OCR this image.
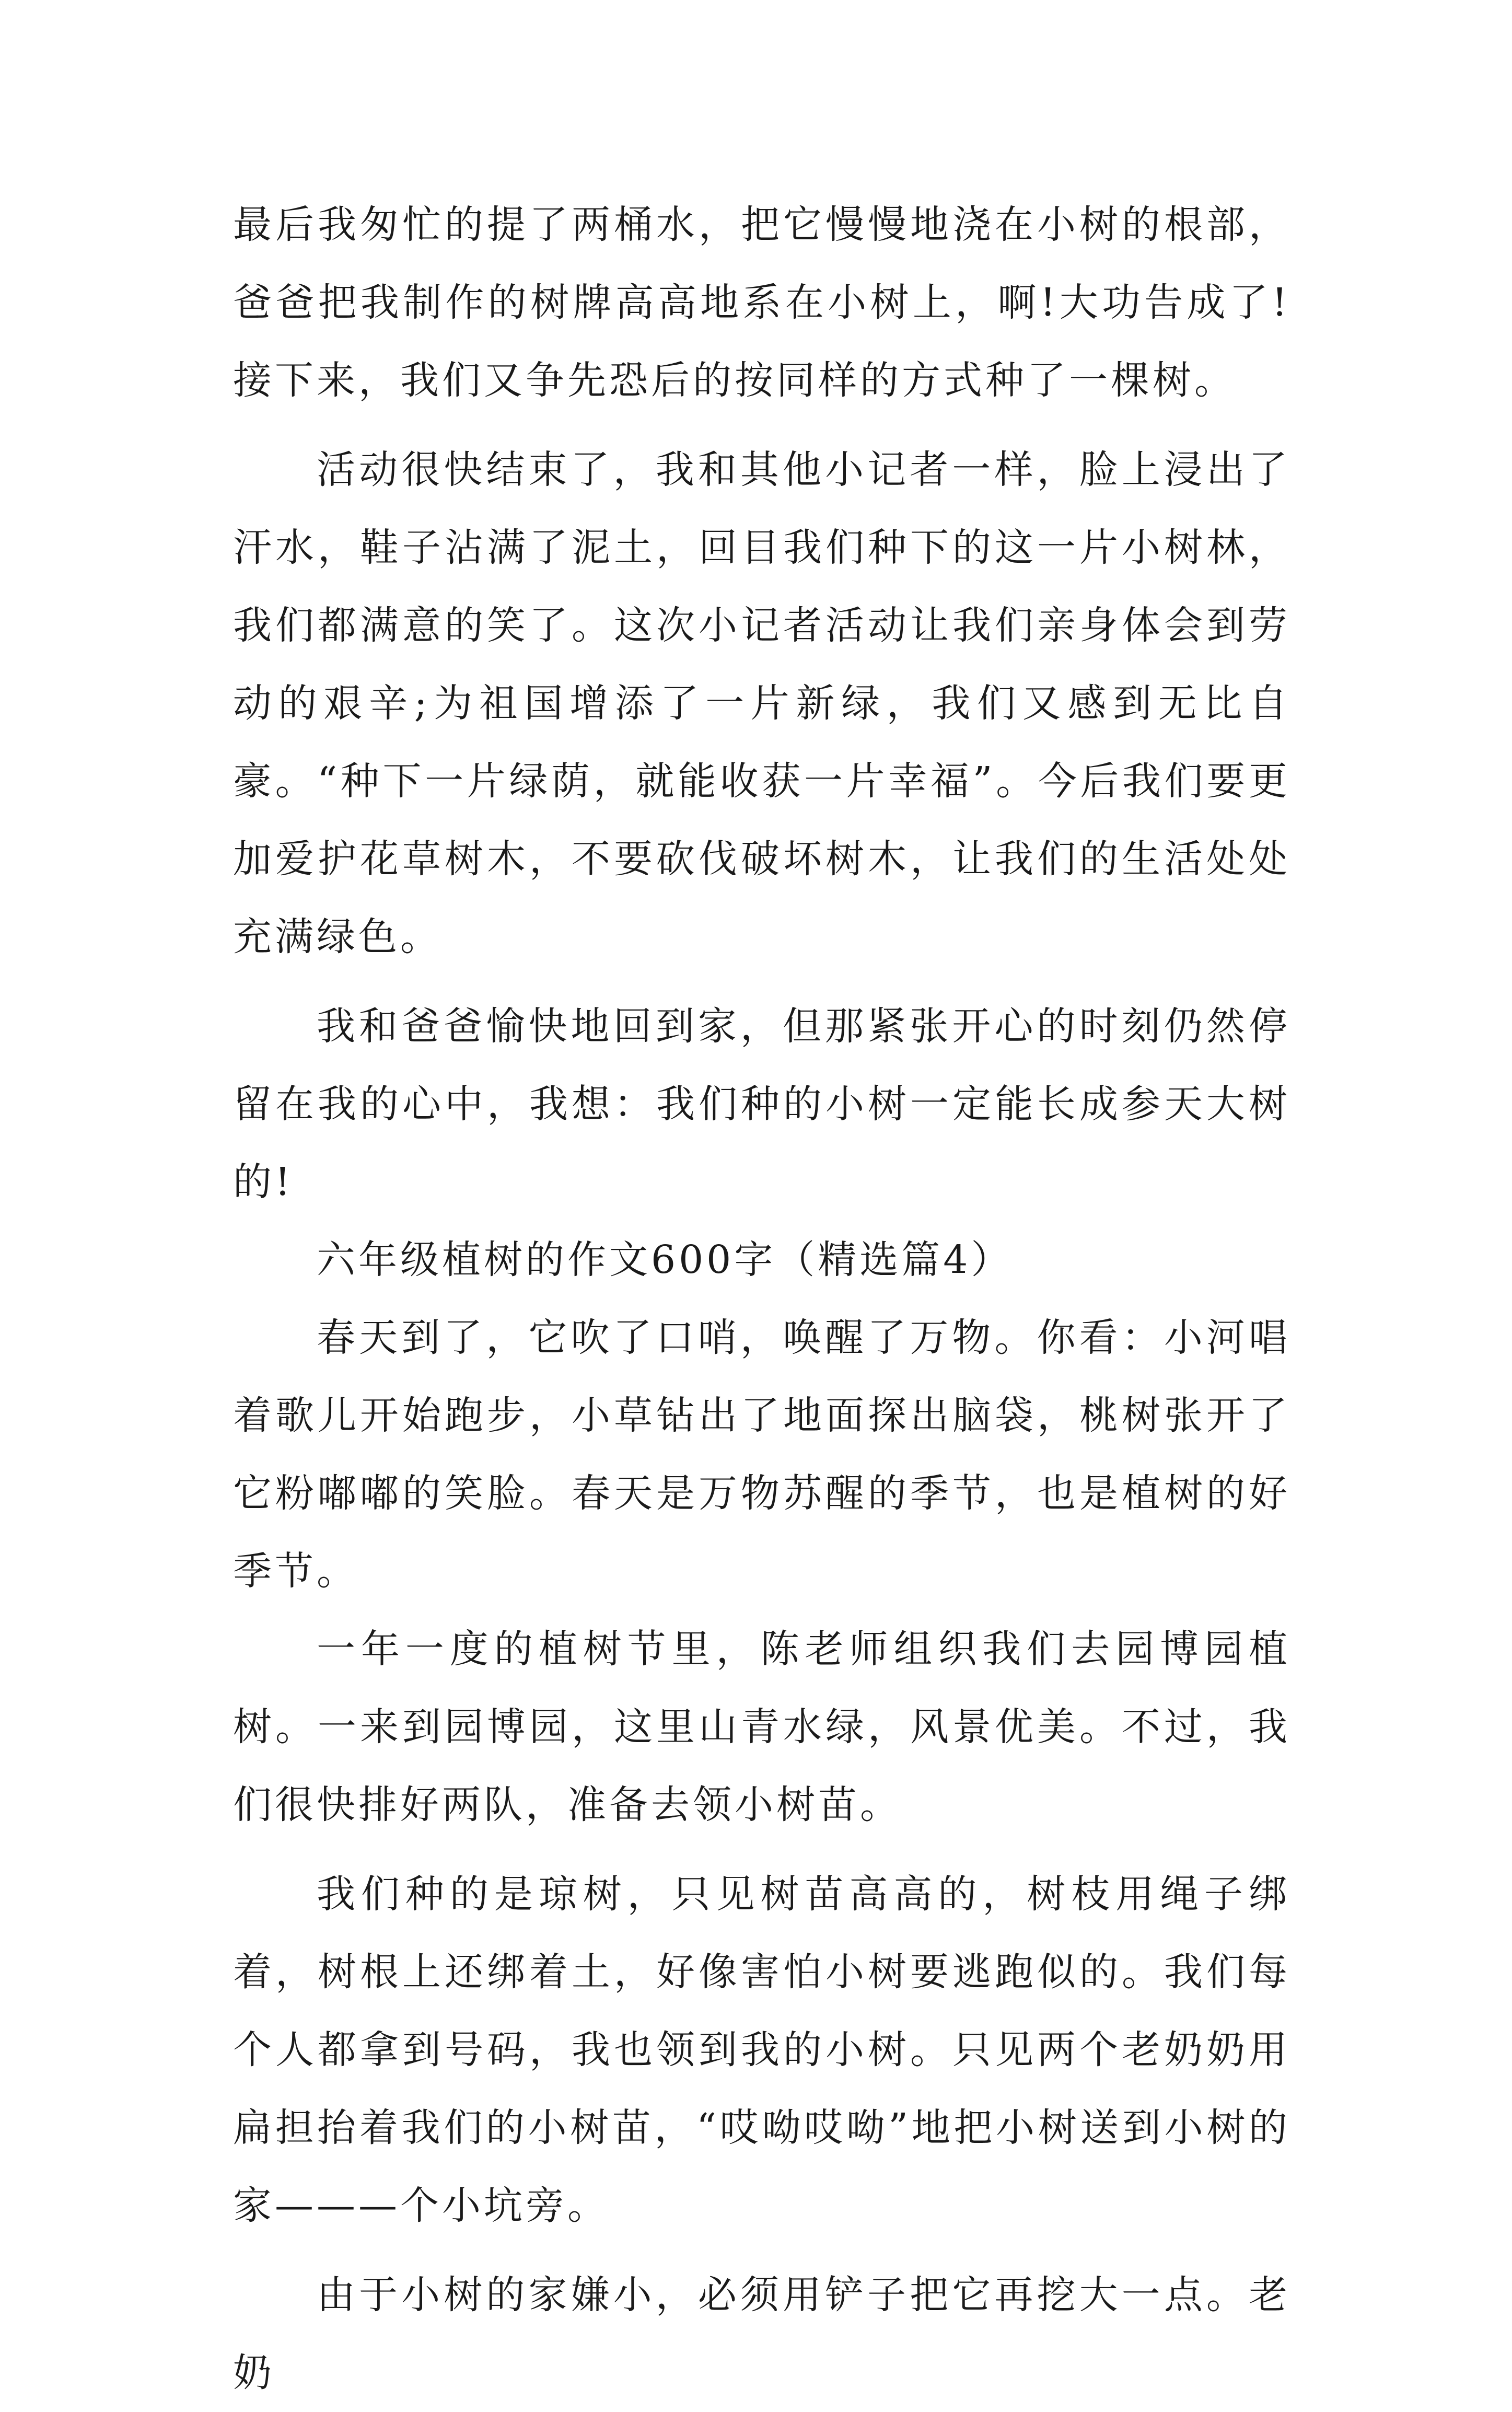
最后我匆忙的提了两桶水，把它慢慢地浇在小树的根部，爸爸把我制作的树牌高高地系在小树上，啊!大功告成了!接下来，我们又争先恐后的按同样的方式种了一棵树。

活动很快结束了，我和其他小记者一样，脸上浸出了汗水，鞋子沾满了泥土，回目我们种下的这一片小树林，我们都满意的笑了。这次小记者活动让我们亲身体会到劳动的艰辛;为祖国增添了一片新绿，我们又感到无比自豪。“种下一片绿荫，就能收获一片幸福”。今后我们要更加爱护花草树木，不要砍伐破坏树木，让我们的生活处处充满绿色。

我和爸爸愉快地回到家，但那紧张开心的时刻仍然停留在我的心中，我想：我们种的小树一定能长成参天大树的!

六年级植树的作文600字（精选篇4）

春天到了，它吹了口哨，唤醒了万物。你看：小河唱着歌儿开始跑步，小草钻出了地面探出脑袋，桃树张开了它粉嘟嘟的笑脸。春天是万物苏醒的季节，也是植树的好季节。

一年一度的植树节里，陈老师组织我们去园博园植树。一来到园博园，这里山青水绿，风景优美。不过，我们很快排好两队，准备去领小树苗。

我们种的是琼树，只见树苗高高的，树枝用绳子绑着，树根上还绑着土，好像害怕小树要逃跑似的。我们每个人都拿到号码，我也领到我的小树。只见两个老奶奶用扁担抬着我们的小树苗，“哎呦哎呦”地把小树送到小树的家———个小坑旁。

由于小树的家嫌小，必须用铲子把它再挖大一点。老奶
